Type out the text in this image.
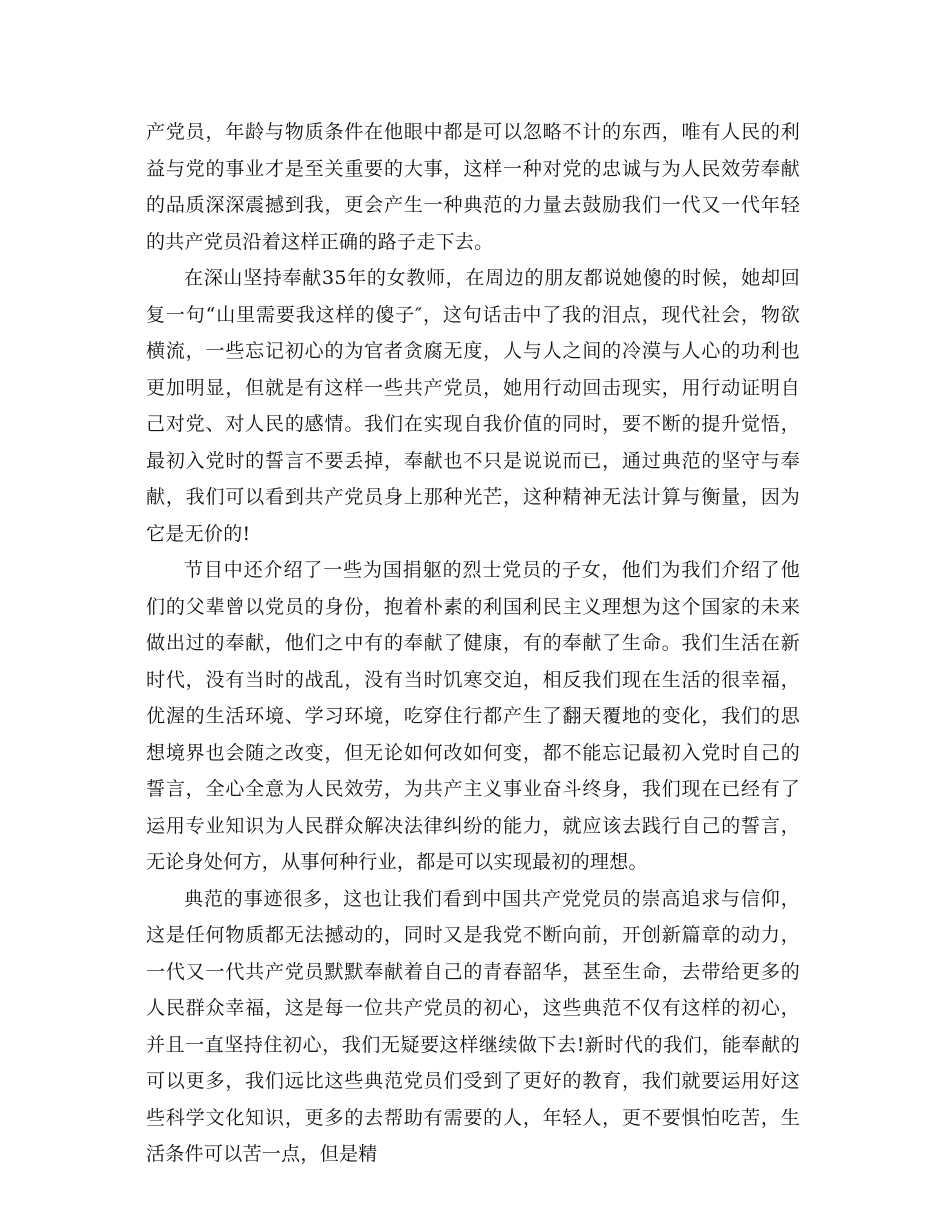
产党员，年龄与物质条件在他眼中都是可以忽略不计的东西，唯有人民的利益与党的事业才是至关重要的大事，这样一种对党的忠诚与为人民效劳奉献的品质深深震撼到我，更会产生一种典范的力量去鼓励我们一代又一代年轻的共产党员沿着这样正确的路子走下去。

在深山坚持奉献35年的女教师，在周边的朋友都说她傻的时候，她却回复一句“山里需要我这样的傻子″，这句话击中了我的泪点，现代社会，物欲横流，一些忘记初心的为官者贪腐无度，人与人之间的冷漠与人心的功利也更加明显，但就是有这样一些共产党员，她用行动回击现实，用行动证明自己对党、对人民的感情。我们在实现自我价值的同时，要不断的提升觉悟，最初入党时的誓言不要丢掉，奉献也不只是说说而已，通过典范的坚守与奉献，我们可以看到共产党员身上那种光芒，这种精神无法计算与衡量，因为它是无价的!

节目中还介绍了一些为国捐躯的烈士党员的子女，他们为我们介绍了他们的父辈曾以党员的身份，抱着朴素的利国利民主义理想为这个国家的未来做出过的奉献，他们之中有的奉献了健康，有的奉献了生命。我们生活在新时代，没有当时的战乱，没有当时饥寒交迫，相反我们现在生活的很幸福，优渥的生活环境、学习环境，吃穿住行都产生了翻天覆地的变化，我们的思想境界也会随之改变，但无论如何改如何变，都不能忘记最初入党时自己的誓言，全心全意为人民效劳，为共产主义事业奋斗终身，我们现在已经有了运用专业知识为人民群众解决法律纠纷的能力，就应该去践行自己的誓言，无论身处何方，从事何种行业，都是可以实现最初的理想。

典范的事迹很多，这也让我们看到中国共产党党员的崇高追求与信仰，这是任何物质都无法撼动的，同时又是我党不断向前，开创新篇章的动力，一代又一代共产党员默默奉献着自己的青春韶华，甚至生命，去带给更多的人民群众幸福，这是每一位共产党员的初心，这些典范不仅有这样的初心，并且一直坚持住初心，我们无疑要这样继续做下去!新时代的我们，能奉献的可以更多，我们远比这些典范党员们受到了更好的教育，我们就要运用好这些科学文化知识，更多的去帮助有需要的人，年轻人，更不要惧怕吃苦，生活条件可以苦一点，但是精
